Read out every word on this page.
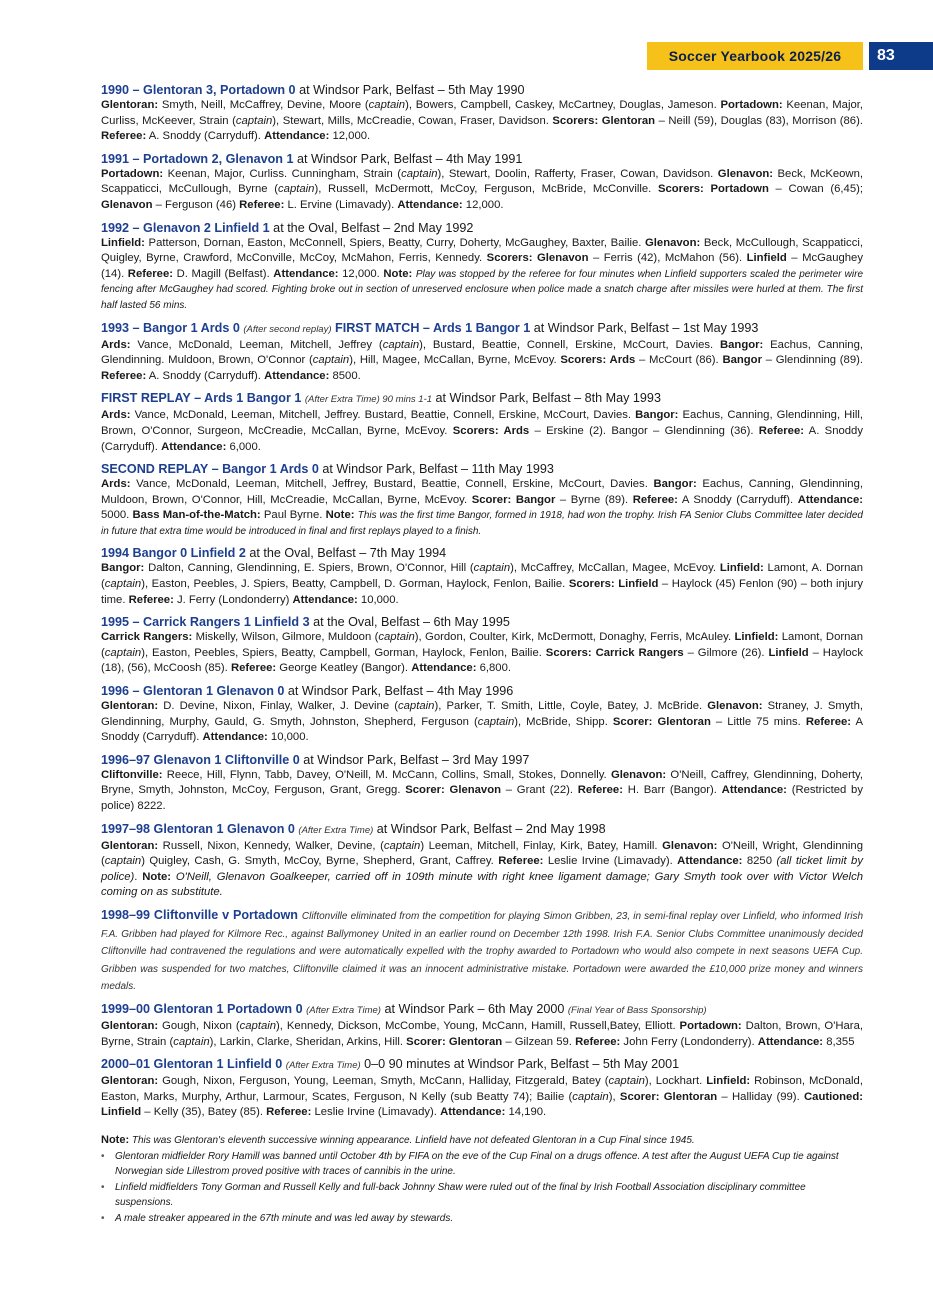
Soccer Yearbook 2025/26	83
1990 – Glentoran 3, Portadown 0 at Windsor Park, Belfast – 5th May 1990
Glentoran: Smyth, Neill, McCaffrey, Devine, Moore (captain), Bowers, Campbell, Caskey, McCartney, Douglas, Jameson. Portadown: Keenan, Major, Curliss, McKeever, Strain (captain), Stewart, Mills, McCreadie, Cowan, Fraser, Davidson. Scorers: Glentoran – Neill (59), Douglas (83), Morrison (86). Referee: A. Snoddy (Carryduff). Attendance: 12,000.
1991 – Portadown 2, Glenavon 1 at Windsor Park, Belfast – 4th May 1991
Portadown: Keenan, Major, Curliss. Cunningham, Strain (captain), Stewart, Doolin, Rafferty, Fraser, Cowan, Davidson. Glenavon: Beck, McKeown, Scappaticci, McCullough, Byrne (captain), Russell, McDermott, McCoy, Ferguson, McBride, McConville. Scorers: Portadown – Cowan (6,45); Glenavon – Ferguson (46) Referee: L. Ervine (Limavady). Attendance: 12,000.
1992 – Glenavon 2 Linfield 1 at the Oval, Belfast – 2nd May 1992
Linfield: Patterson, Dornan, Easton, McConnell, Spiers, Beatty, Curry, Doherty, McGaughey, Baxter, Bailie. Glenavon: Beck, McCullough, Scappaticci, Quigley, Byrne, Crawford, McConville, McCoy, McMahon, Ferris, Kennedy. Scorers: Glenavon – Ferris (42), McMahon (56). Linfield – McGaughey (14). Referee: D. Magill (Belfast). Attendance: 12,000. Note: Play was stopped by the referee for four minutes when Linfield supporters scaled the perimeter wire fencing after McGaughey had scored. Fighting broke out in section of unreserved enclosure when police made a snatch charge after missiles were hurled at them. The first half lasted 56 mins.
1993 – Bangor 1 Ards 0 (After second replay) FIRST MATCH – Ards 1 Bangor 1 at Windsor Park, Belfast – 1st May 1993
Ards: Vance, McDonald, Leeman, Mitchell, Jeffrey (captain), Bustard, Beattie, Connell, Erskine, McCourt, Davies. Bangor: Eachus, Canning, Glendinning. Muldoon, Brown, O'Connor (captain), Hill, Magee, McCallan, Byrne, McEvoy. Scorers: Ards – McCourt (86). Bangor – Glendinning (89). Referee: A. Snoddy (Carryduff). Attendance: 8500.
FIRST REPLAY – Ards 1 Bangor 1 (After Extra Time) 90 mins 1-1 at Windsor Park, Belfast – 8th May 1993
Ards: Vance, McDonald, Leeman, Mitchell, Jeffrey. Bustard, Beattie, Connell, Erskine, McCourt, Davies. Bangor: Eachus, Canning, Glendinning, Hill, Brown, O'Connor, Surgeon, McCreadie, McCallan, Byrne, McEvoy. Scorers: Ards – Erskine (2). Bangor – Glendinning (36). Referee: A. Snoddy (Carryduff). Attendance: 6,000.
SECOND REPLAY – Bangor 1 Ards 0 at Windsor Park, Belfast – 11th May 1993
Ards: Vance, McDonald, Leeman, Mitchell, Jeffrey, Bustard, Beattie, Connell, Erskine, McCourt, Davies. Bangor: Eachus, Canning, Glendinning, Muldoon, Brown, O'Connor, Hill, McCreadie, McCallan, Byrne, McEvoy. Scorer: Bangor – Byrne (89). Referee: A Snoddy (Carryduff). Attendance: 5000. Bass Man-of-the-Match: Paul Byrne. Note: This was the first time Bangor, formed in 1918, had won the trophy. Irish FA Senior Clubs Committee later decided in future that extra time would be introduced in final and first replays played to a finish.
1994 Bangor 0 Linfield 2 at the Oval, Belfast – 7th May 1994
Bangor: Dalton, Canning, Glendinning, E. Spiers, Brown, O'Connor, Hill (captain), McCaffrey, McCallan, Magee, McEvoy. Linfield: Lamont, A. Dornan (captain), Easton, Peebles, J. Spiers, Beatty, Campbell, D. Gorman, Haylock, Fenlon, Bailie. Scorers: Linfield – Haylock (45) Fenlon (90) – both injury time. Referee: J. Ferry (Londonderry) Attendance: 10,000.
1995 – Carrick Rangers 1 Linfield 3 at the Oval, Belfast – 6th May 1995
Carrick Rangers: Miskelly, Wilson, Gilmore, Muldoon (captain), Gordon, Coulter, Kirk, McDermott, Donaghy, Ferris, McAuley. Linfield: Lamont, Dornan (captain), Easton, Peebles, Spiers, Beatty, Campbell, Gorman, Haylock, Fenlon, Bailie. Scorers: Carrick Rangers – Gilmore (26). Linfield – Haylock (18), (56), McCoosh (85). Referee: George Keatley (Bangor). Attendance: 6,800.
1996 – Glentoran 1 Glenavon 0 at Windsor Park, Belfast – 4th May 1996
Glentoran: D. Devine, Nixon, Finlay, Walker, J. Devine (captain), Parker, T. Smith, Little, Coyle, Batey, J. McBride. Glenavon: Straney, J. Smyth, Glendinning, Murphy, Gauld, G. Smyth, Johnston, Shepherd, Ferguson (captain), McBride, Shipp. Scorer: Glentoran – Little 75 mins. Referee: A Snoddy (Carryduff). Attendance: 10,000.
1996–97 Glenavon 1 Cliftonville 0 at Windsor Park, Belfast – 3rd May 1997
Cliftonville: Reece, Hill, Flynn, Tabb, Davey, O'Neill, M. McCann, Collins, Small, Stokes, Donnelly. Glenavon: O'Neill, Caffrey, Glendinning, Doherty, Bryne, Smyth, Johnston, McCoy, Ferguson, Grant, Gregg. Scorer: Glenavon – Grant (22). Referee: H. Barr (Bangor). Attendance: (Restricted by police) 8222.
1997–98 Glentoran 1 Glenavon 0 (After Extra Time) at Windsor Park, Belfast – 2nd May 1998
Glentoran: Russell, Nixon, Kennedy, Walker, Devine, (captain) Leeman, Mitchell, Finlay, Kirk, Batey, Hamill. Glenavon: O'Neill, Wright, Glendinning (captain) Quigley, Cash, G. Smyth, McCoy, Byrne, Shepherd, Grant, Caffrey. Referee: Leslie Irvine (Limavady). Attendance: 8250 (all ticket limit by police). Note: O'Neill, Glenavon Goalkeeper, carried off in 109th minute with right knee ligament damage; Gary Smyth took over with Victor Welch coming on as substitute.
1998–99 Cliftonville v Portadown Cliftonville eliminated from the competition for playing Simon Gribben, 23, in semi-final replay over Linfield, who informed Irish F.A. Gribben had played for Kilmore Rec., against Ballymoney United in an earlier round on December 12th 1998. Irish F.A. Senior Clubs Committee unanimously decided Cliftonville had contravened the regulations and were automatically expelled with the trophy awarded to Portadown who would also compete in next seasons UEFA Cup. Gribben was suspended for two matches, Cliftonville claimed it was an innocent administrative mistake. Portadown were awarded the £10,000 prize money and winners medals.
1999–00 Glentoran 1 Portadown 0 (After Extra Time) at Windsor Park – 6th May 2000 (Final Year of Bass Sponsorship)
Glentoran: Gough, Nixon (captain), Kennedy, Dickson, McCombe, Young, McCann, Hamill, Russell,Batey, Elliott. Portadown: Dalton, Brown, O'Hara, Byrne, Strain (captain), Larkin, Clarke, Sheridan, Arkins, Hill. Scorer: Glentoran – Gilzean 59. Referee: John Ferry (Londonderry). Attendance: 8,355
2000–01 Glentoran 1 Linfield 0 (After Extra Time) 0–0 90 minutes at Windsor Park, Belfast – 5th May 2001
Glentoran: Gough, Nixon, Ferguson, Young, Leeman, Smyth, McCann, Halliday, Fitzgerald, Batey (captain), Lockhart. Linfield: Robinson, McDonald, Easton, Marks, Murphy, Arthur, Larmour, Scates, Ferguson, N Kelly (sub Beatty 74); Bailie (captain), Scorer: Glentoran – Halliday (99). Cautioned: Linfield – Kelly (35), Batey (85). Referee: Leslie Irvine (Limavady). Attendance: 14,190.
Note: This was Glentoran's eleventh successive winning appearance. Linfield have not defeated Glentoran in a Cup Final since 1945.
• Glentoran midfielder Rory Hamill was banned until October 4th by FIFA on the eve of the Cup Final on a drugs offence. A test after the August UEFA Cup tie against Norwegian side Lillestrom proved positive with traces of cannibis in the urine.
• Linfield midfielders Tony Gorman and Russell Kelly and full-back Johnny Shaw were ruled out of the final by Irish Football Association disciplinary committee suspensions.
• A male streaker appeared in the 67th minute and was led away by stewards.
